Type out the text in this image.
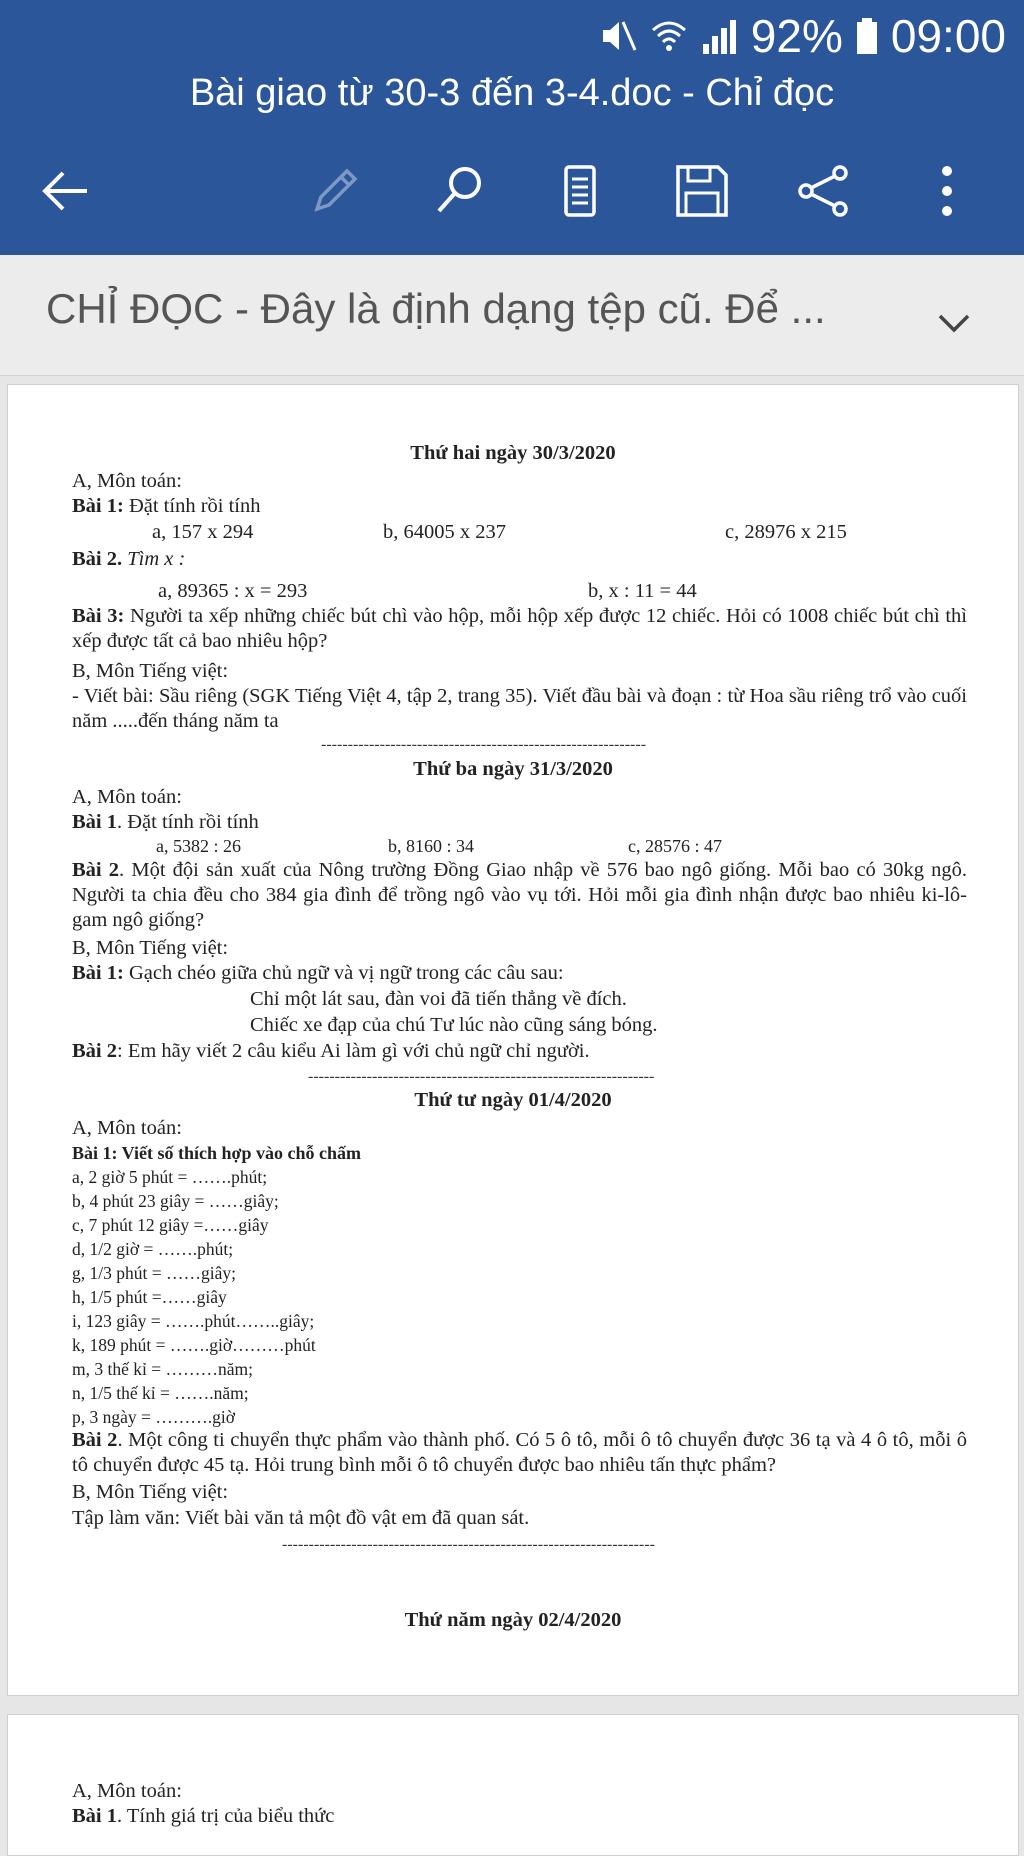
92% 09:00
Bài giao từ 30-3 đến 3-4.doc - Chỉ đọc
CHỈ ĐỌC - Đây là định dạng tệp cũ. Để ...
Thứ hai ngày 30/3/2020
A, Môn toán:
Bài 1: Đặt tính rồi tính
a, 157 x 294	b, 64005 x 237	c, 28976 x 215
Bài 2. Tìm x :
a, 89365 : x = 293	b, x : 11 = 44
Bài 3: Người ta xếp những chiếc bút chì vào hộp, mỗi hộp xếp được 12 chiếc. Hỏi có 1008 chiếc bút chì thì xếp được tất cả bao nhiêu hộp?
B, Môn Tiếng việt:
- Viết bài: Sầu riêng (SGK Tiếng Việt 4, tập 2, trang 35). Viết đầu bài và đoạn : từ Hoa sầu riêng trổ vào cuối năm .....đến tháng năm ta
-------------------------------------------------------------
Thứ ba ngày 31/3/2020
A, Môn toán:
Bài 1. Đặt tính rồi tính
a, 5382 : 26	b, 8160 : 34	c, 28576 : 47
Bài 2. Một đội sản xuất của Nông trường Đồng Giao nhập về 576 bao ngô giống. Mỗi bao có 30kg ngô. Người ta chia đều cho 384 gia đình để trồng ngô vào vụ tới. Hỏi mỗi gia đình nhận được bao nhiêu ki-lô-gam ngô giống?
B, Môn Tiếng việt:
Bài 1: Gạch chéo giữa chủ ngữ và vị ngữ trong các câu sau:
Chỉ một lát sau, đàn voi đã tiến thẳng về đích.
Chiếc xe đạp của chú Tư lúc nào cũng sáng bóng.
Bài 2: Em hãy viết 2 câu kiểu Ai làm gì với chủ ngữ chỉ người.
-----------------------------------------------------------------
Thứ tư ngày 01/4/2020
A, Môn toán:
Bài 1: Viết số thích hợp vào chỗ chấm
a, 2 giờ 5 phút = …….phút;
b, 4 phút 23 giây = ……giây;
c, 7 phút 12 giây =……giây
d, 1/2 giờ = …….phút;
g, 1/3 phút = ……giây;
h, 1/5 phút =……giây
i, 123 giây = …….phút……..giây;
k, 189 phút = …….giờ………phút
m, 3 thế kỉ = ………năm;
n, 1/5 thế kỉ = …….năm;
p, 3 ngày = ……….giờ
Bài 2. Một công ti chuyển thực phẩm vào thành phố. Có 5 ô tô, mỗi ô tô chuyển được 36 tạ và 4 ô tô, mỗi ô tô chuyển được 45 tạ. Hỏi trung bình mỗi ô tô chuyển được bao nhiêu tấn thực phẩm?
B, Môn Tiếng việt:
Tập làm văn: Viết bài văn tả một đồ vật em đã quan sát.
----------------------------------------------------------------------
Thứ năm ngày 02/4/2020
A, Môn toán:
Bài 1. Tính giá trị của biểu thức
